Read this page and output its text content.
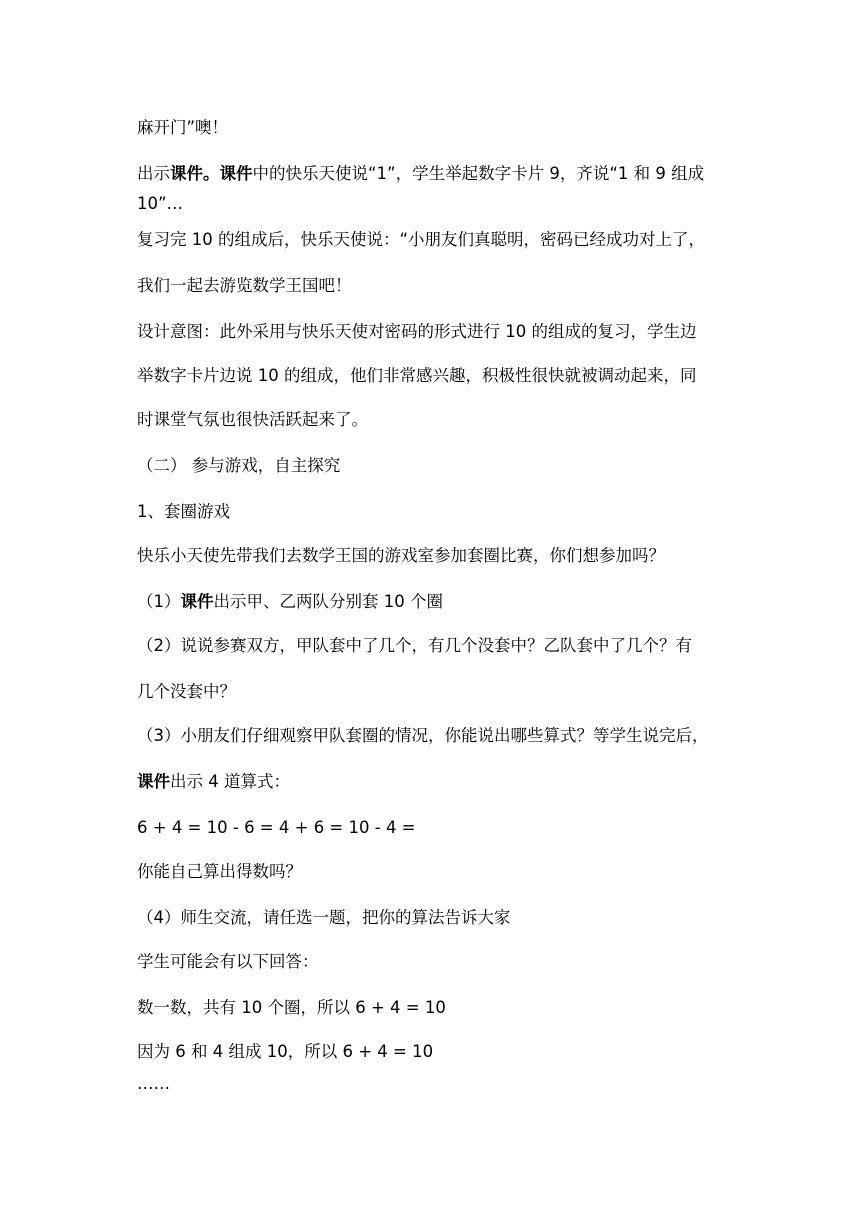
麻开门”噢！
出示课件。课件中的快乐天使说“1”，学生举起数字卡片 9，齐说“1 和 9 组成
10”…
复习完 10 的组成后，快乐天使说：“小朋友们真聪明，密码已经成功对上了，
我们一起去游览数学王国吧！
设计意图：此外采用与快乐天使对密码的形式进行 10 的组成的复习，学生边
举数字卡片边说 10 的组成，他们非常感兴趣，积极性很快就被调动起来，同
时课堂气氛也很快活跃起来了。
（二） 参与游戏，自主探究
1、套圈游戏
快乐小天使先带我们去数学王国的游戏室参加套圈比赛，你们想参加吗？
（1）课件出示甲、乙两队分别套 10 个圈
（2）说说参赛双方，甲队套中了几个，有几个没套中？乙队套中了几个？有
几个没套中？
（3）小朋友们仔细观察甲队套圈的情况，你能说出哪些算式？等学生说完后，
课件出示 4 道算式：
6 + 4 = 10 - 6 = 4 + 6 = 10 - 4 =
你能自己算出得数吗？
（4）师生交流，请任选一题，把你的算法告诉大家
学生可能会有以下回答：
数一数，共有 10 个圈，所以 6 + 4 = 10
因为 6 和 4 组成 10，所以 6 + 4 = 10
……
